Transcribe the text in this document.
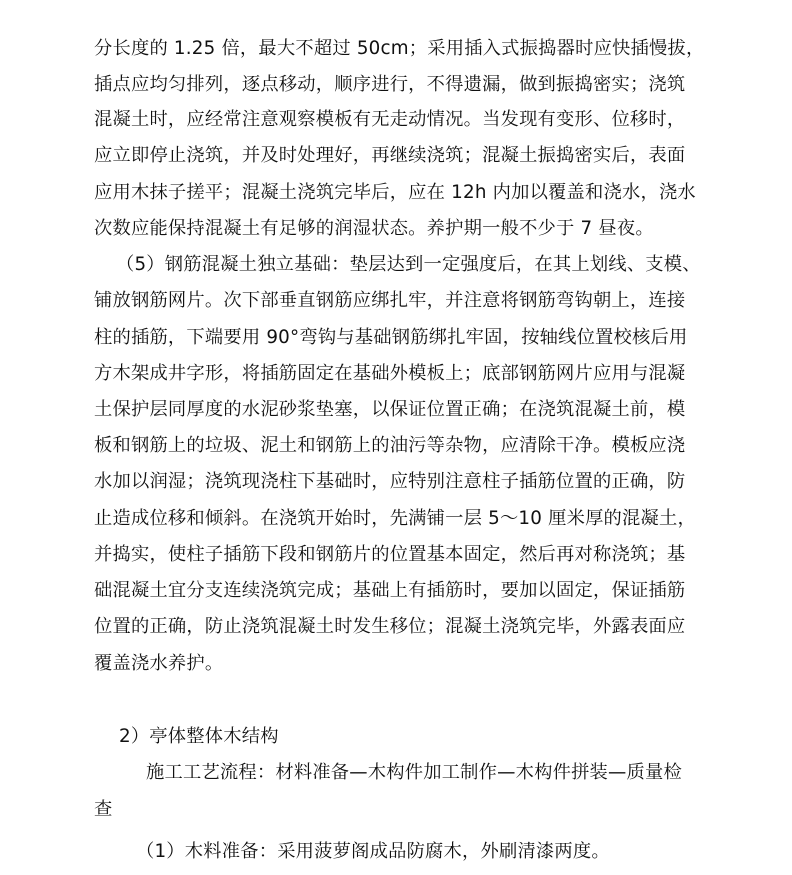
分长度的 1.25 倍，最大不超过 50cm；采用插入式振捣器时应快插慢拔，
插点应均匀排列，逐点移动，顺序进行，不得遗漏，做到振捣密实；浇筑
混凝土时，应经常注意观察模板有无走动情况。当发现有变形、位移时，
应立即停止浇筑，并及时处理好，再继续浇筑；混凝土振捣密实后，表面
应用木抹子搓平；混凝土浇筑完毕后，应在 12h 内加以覆盖和浇水，浇水
次数应能保持混凝土有足够的润湿状态。养护期一般不少于 7 昼夜。
（5）钢筋混凝土独立基础：垫层达到一定强度后，在其上划线、支模、
铺放钢筋网片。次下部垂直钢筋应绑扎牢，并注意将钢筋弯钩朝上，连接
柱的插筋，下端要用 90°弯钩与基础钢筋绑扎牢固，按轴线位置校核后用
方木架成井字形，将插筋固定在基础外模板上；底部钢筋网片应用与混凝
土保护层同厚度的水泥砂浆垫塞，以保证位置正确；在浇筑混凝土前，模
板和钢筋上的垃圾、泥土和钢筋上的油污等杂物，应清除干净。模板应浇
水加以润湿；浇筑现浇柱下基础时，应特别注意柱子插筋位置的正确，防
止造成位移和倾斜。在浇筑开始时，先满铺一层 5～10 厘米厚的混凝土，
并捣实，使柱子插筋下段和钢筋片的位置基本固定，然后再对称浇筑；基
础混凝土宜分支连续浇筑完成；基础上有插筋时，要加以固定，保证插筋
位置的正确，防止浇筑混凝土时发生移位；混凝土浇筑完毕，外露表面应
覆盖浇水养护。
2）亭体整体木结构
施工工艺流程：材料准备—木构件加工制作—木构件拼装—质量检
查
（1）木料准备：采用菠萝阁成品防腐木，外刷清漆两度。
